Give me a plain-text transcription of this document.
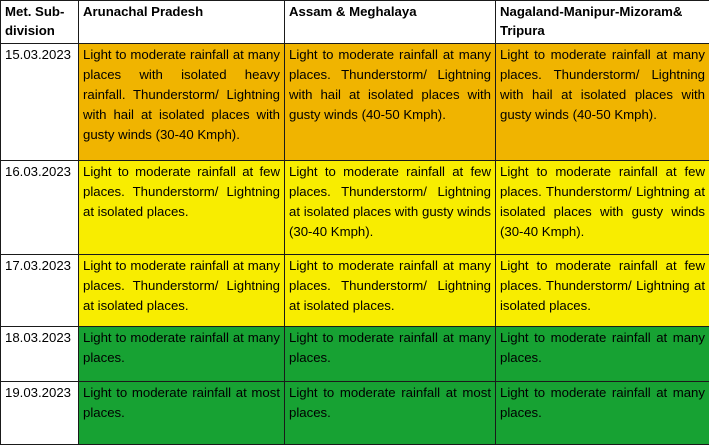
Met. Sub-division	Arunachal Pradesh	Assam & Meghalaya	Nagaland-Manipur-Mizoram& Tripura
15.03.2023	Light to moderate rainfall at many places with isolated heavy rainfall. Thunderstorm/ Lightning with hail at isolated places with gusty winds (30-40 Kmph).	Light to moderate rainfall at many places. Thunderstorm/ Lightning with hail at isolated places with gusty winds (40-50 Kmph).	Light to moderate rainfall at many places. Thunderstorm/ Lightning with hail at isolated places with gusty winds (40-50 Kmph).
16.03.2023	Light to moderate rainfall at few places. Thunderstorm/ Lightning at isolated places.	Light to moderate rainfall at few places. Thunderstorm/ Lightning at isolated places with gusty winds (30-40 Kmph).	Light to moderate rainfall at few places. Thunderstorm/ Lightning at isolated places with gusty winds (30-40 Kmph).
17.03.2023	Light to moderate rainfall at many places. Thunderstorm/ Lightning at isolated places.	Light to moderate rainfall at many places. Thunderstorm/ Lightning at isolated places.	Light to moderate rainfall at few places. Thunderstorm/ Lightning at isolated places.
18.03.2023	Light to moderate rainfall at many places.	Light to moderate rainfall at many places.	Light to moderate rainfall at many places.
19.03.2023	Light to moderate rainfall at most places.	Light to moderate rainfall at most places.	Light to moderate rainfall at many places.
